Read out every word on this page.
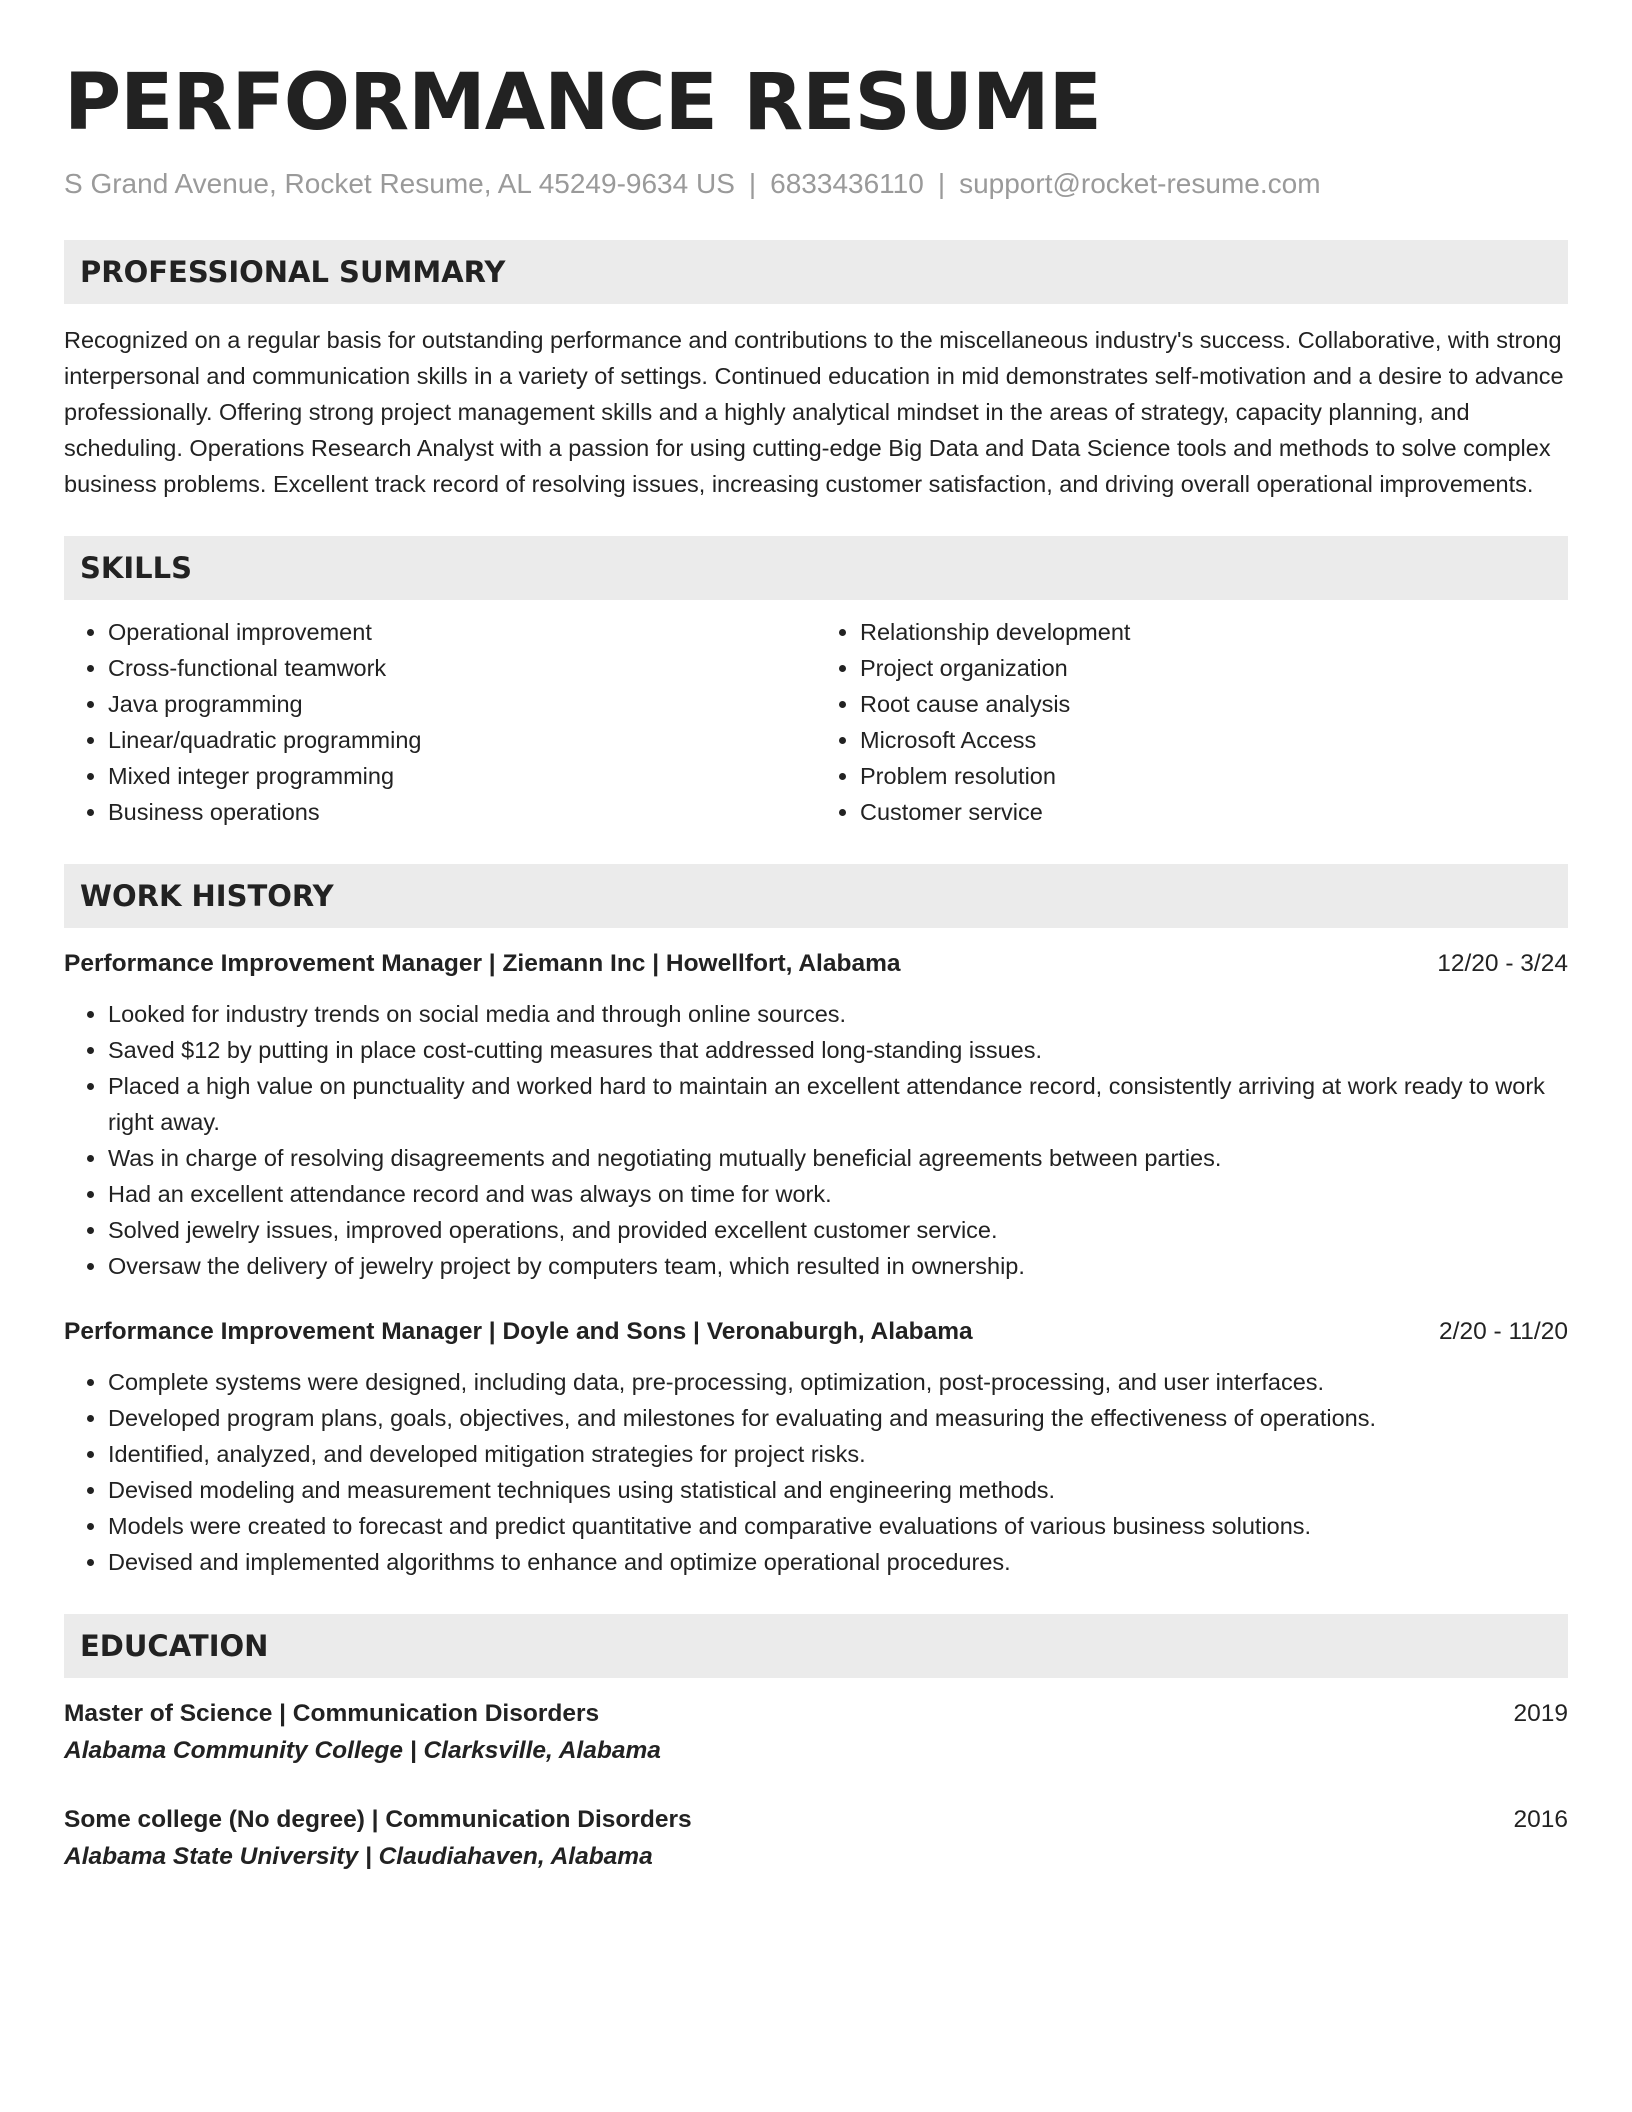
PERFORMANCE RESUME
S Grand Avenue, Rocket Resume, AL 45249-9634 US | 6833436110 | support@rocket-resume.com
PROFESSIONAL SUMMARY
Recognized on a regular basis for outstanding performance and contributions to the miscellaneous industry's success. Collaborative, with strong interpersonal and communication skills in a variety of settings. Continued education in mid demonstrates self-motivation and a desire to advance professionally. Offering strong project management skills and a highly analytical mindset in the areas of strategy, capacity planning, and scheduling. Operations Research Analyst with a passion for using cutting-edge Big Data and Data Science tools and methods to solve complex business problems. Excellent track record of resolving issues, increasing customer satisfaction, and driving overall operational improvements.
SKILLS
• Operational improvement
• Cross-functional teamwork
• Java programming
• Linear/quadratic programming
• Mixed integer programming
• Business operations
• Relationship development
• Project organization
• Root cause analysis
• Microsoft Access
• Problem resolution
• Customer service
WORK HISTORY
Performance Improvement Manager | Ziemann Inc | Howellfort, Alabama	12/20 - 3/24
• Looked for industry trends on social media and through online sources.
• Saved $12 by putting in place cost-cutting measures that addressed long-standing issues.
• Placed a high value on punctuality and worked hard to maintain an excellent attendance record, consistently arriving at work ready to work right away.
• Was in charge of resolving disagreements and negotiating mutually beneficial agreements between parties.
• Had an excellent attendance record and was always on time for work.
• Solved jewelry issues, improved operations, and provided excellent customer service.
• Oversaw the delivery of jewelry project by computers team, which resulted in ownership.
Performance Improvement Manager | Doyle and Sons | Veronaburgh, Alabama	2/20 - 11/20
• Complete systems were designed, including data, pre-processing, optimization, post-processing, and user interfaces.
• Developed program plans, goals, objectives, and milestones for evaluating and measuring the effectiveness of operations.
• Identified, analyzed, and developed mitigation strategies for project risks.
• Devised modeling and measurement techniques using statistical and engineering methods.
• Models were created to forecast and predict quantitative and comparative evaluations of various business solutions.
• Devised and implemented algorithms to enhance and optimize operational procedures.
EDUCATION
Master of Science | Communication Disorders	2019
Alabama Community College | Clarksville, Alabama
Some college (No degree) | Communication Disorders	2016
Alabama State University | Claudiahaven, Alabama
